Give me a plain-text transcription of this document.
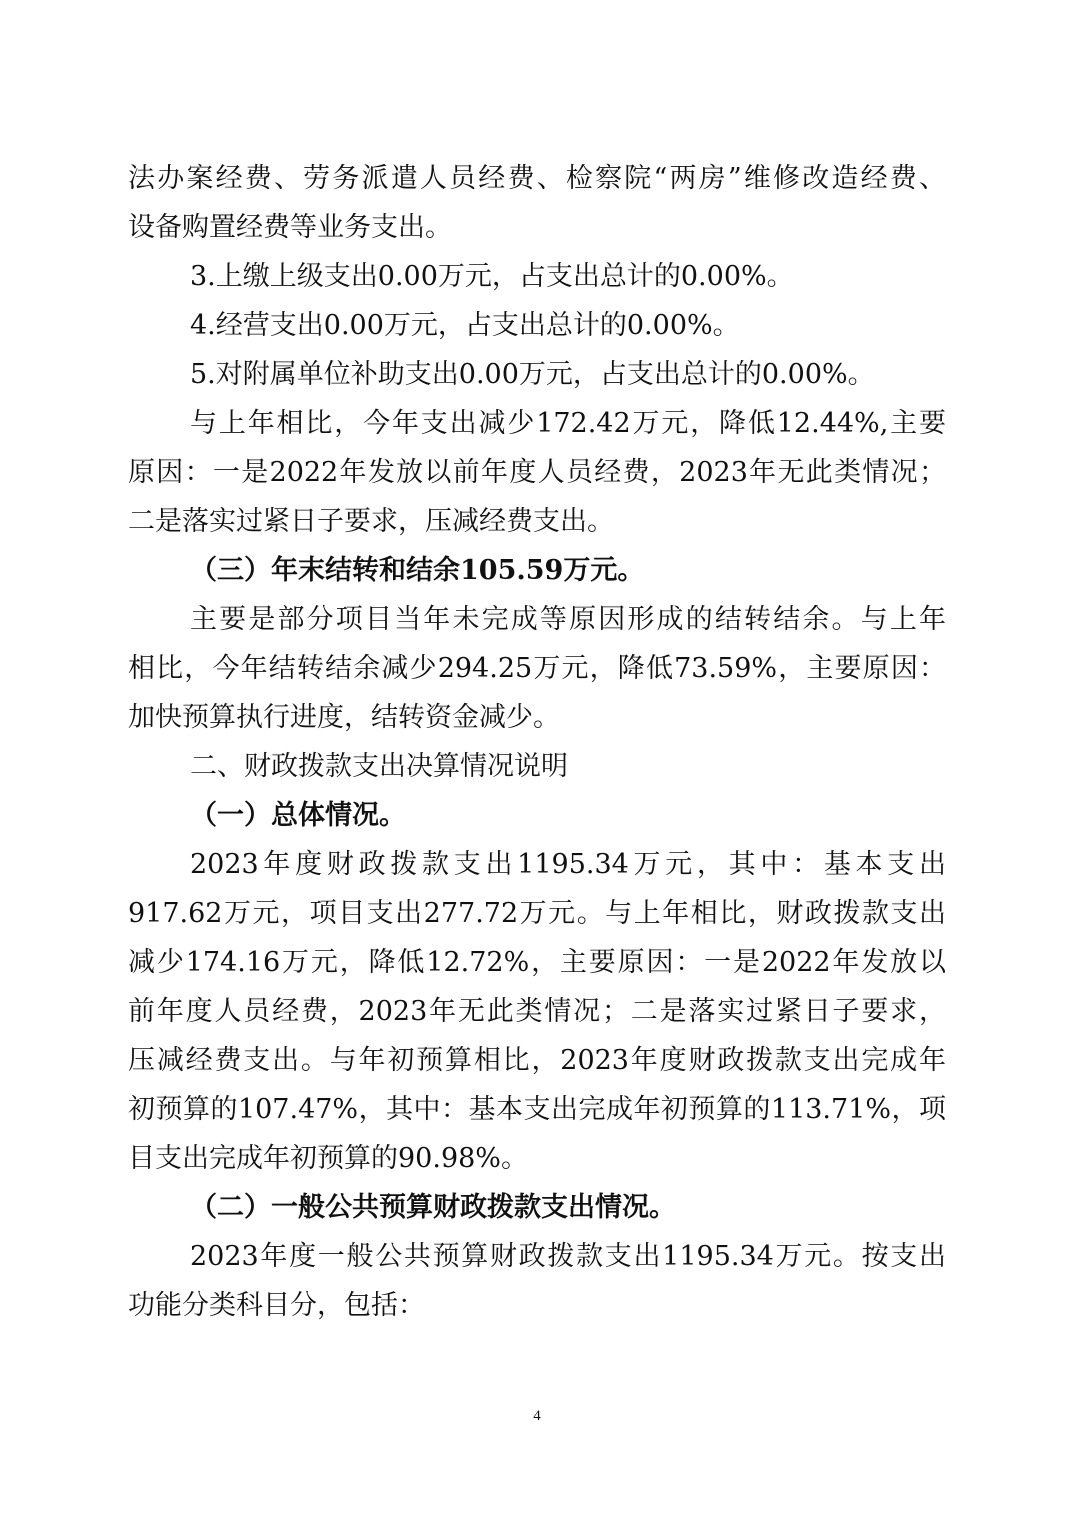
法办案经费、劳务派遣人员经费、检察院“两房”维修改造经费、
设备购置经费等业务支出。
3.上缴上级支出0.00万元，占支出总计的0.00%。
4.经营支出0.00万元，占支出总计的0.00%。
5.对附属单位补助支出0.00万元，占支出总计的0.00%。
与上年相比，今年支出减少172.42万元，降低12.44%,主要
原因：一是2022年发放以前年度人员经费，2023年无此类情况；
二是落实过紧日子要求，压减经费支出。
（三）年末结转和结余105.59万元。
主要是部分项目当年未完成等原因形成的结转结余。与上年
相比，今年结转结余减少294.25万元，降低73.59%，主要原因：
加快预算执行进度，结转资金减少。
二、财政拨款支出决算情况说明
（一）总体情况。
2023年度财政拨款支出1195.34万元，其中：基本支出
917.62万元，项目支出277.72万元。与上年相比，财政拨款支出
减少174.16万元，降低12.72%，主要原因：一是2022年发放以
前年度人员经费，2023年无此类情况；二是落实过紧日子要求，
压减经费支出。与年初预算相比，2023年度财政拨款支出完成年
初预算的107.47%，其中：基本支出完成年初预算的113.71%，项
目支出完成年初预算的90.98%。
（二）一般公共预算财政拨款支出情况。
2023年度一般公共预算财政拨款支出1195.34万元。按支出
功能分类科目分，包括：
4
